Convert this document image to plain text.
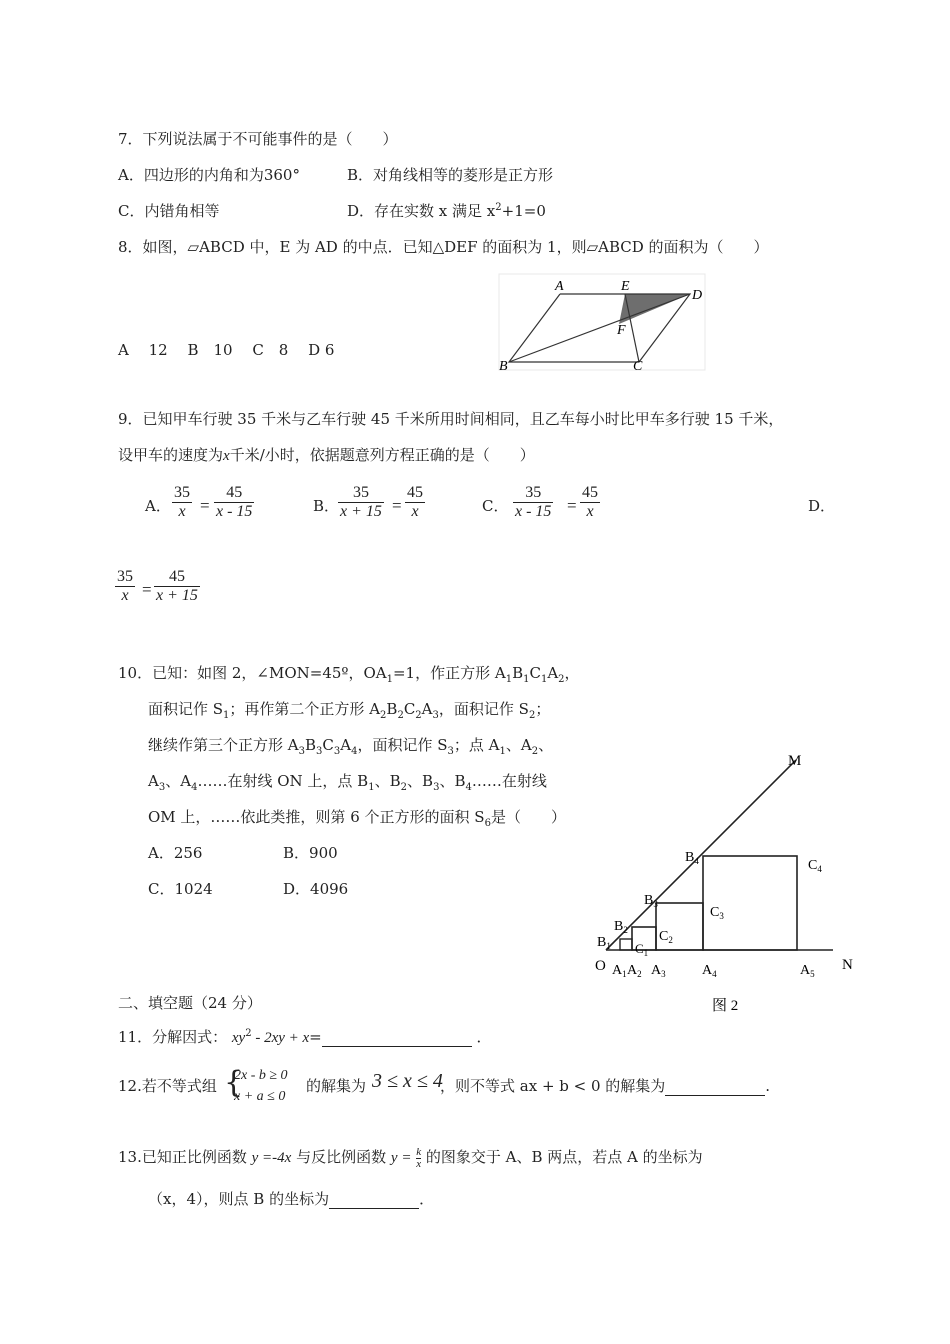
7．下列说法属于不可能事件的是（　　）
A．四边形的内角和为360°	B．对角线相等的菱形是正方形
C．内错角相等	D．存在实数 x 满足 $x^2+1=0$
8．如图，▱ABCD 中，E 为 AD 的中点．已知△DEF 的面积为 1，则▱ABCD 的面积为（　　）
A　 12　 B　10　 C　8　 D 6
A	E
D
F
B	C
9．已知甲车行驶 35 千米与乙车行驶 45 千米所用时间相同，且乙车每小时比甲车多行驶 15 千米，
设甲车的速度为x千米/小时，依据题意列方程正确的是（　　）
A． $\frac{35}{x} = \frac{45}{x - 15}$	B．
$\frac{35}{x + 15} = \frac{45}{x}$	C． $\frac{35}{x - 15} = \frac{45}{x}$	D．
$\frac{35}{x} = \frac{45}{x + 15}$
10．已知：如图 2，∠MON=45º，$OA_1=1$，作正方形 $A_1B_1C_1A_2$，
面积记作 $S_1$；再作第二个正方形 $A_2B_2C_2A_3$，面积记作 $S_2$；
继续作第三个正方形 $A_3B_3C_3A_4$，面积记作 $S_3$；点 $A_1$、$A_2$、
$A_3$、$A_4\dots\dots$在射线 ON 上，点 $B_1$、$B_2$、$B_3$、$B_4\dots\dots$在射线
OM 上，……依此类推，则第 6 个正方形的面积 $S_6$是（　　）
A．256	B．900
C．1024	D．4096
M
N
O
$B_1$
$B_2$
$B_3$
$B_4$
$C_1$
$C_2$
$C_3$
$C_4$
$A_1$ $A_2$ $A_3$	$A_4$	$A_5$
图 2
二、填空题（24 分）
11．分解因式： $xy^2 - 2xy + x=$	．
12.若不等式组 {
2x - b ≥ 0
x + a ≤ 0
的解集为 3 ≤ x ≤ 4
，则不等式 ax + b < 0 的解集为	.
13.已知正比例函数 y =-4x 与反比例函数 $y = \frac{k}{x}$ 的图象交于 A、B 两点，若点 A 的坐标为
（x，4），则点 B 的坐标为	．
